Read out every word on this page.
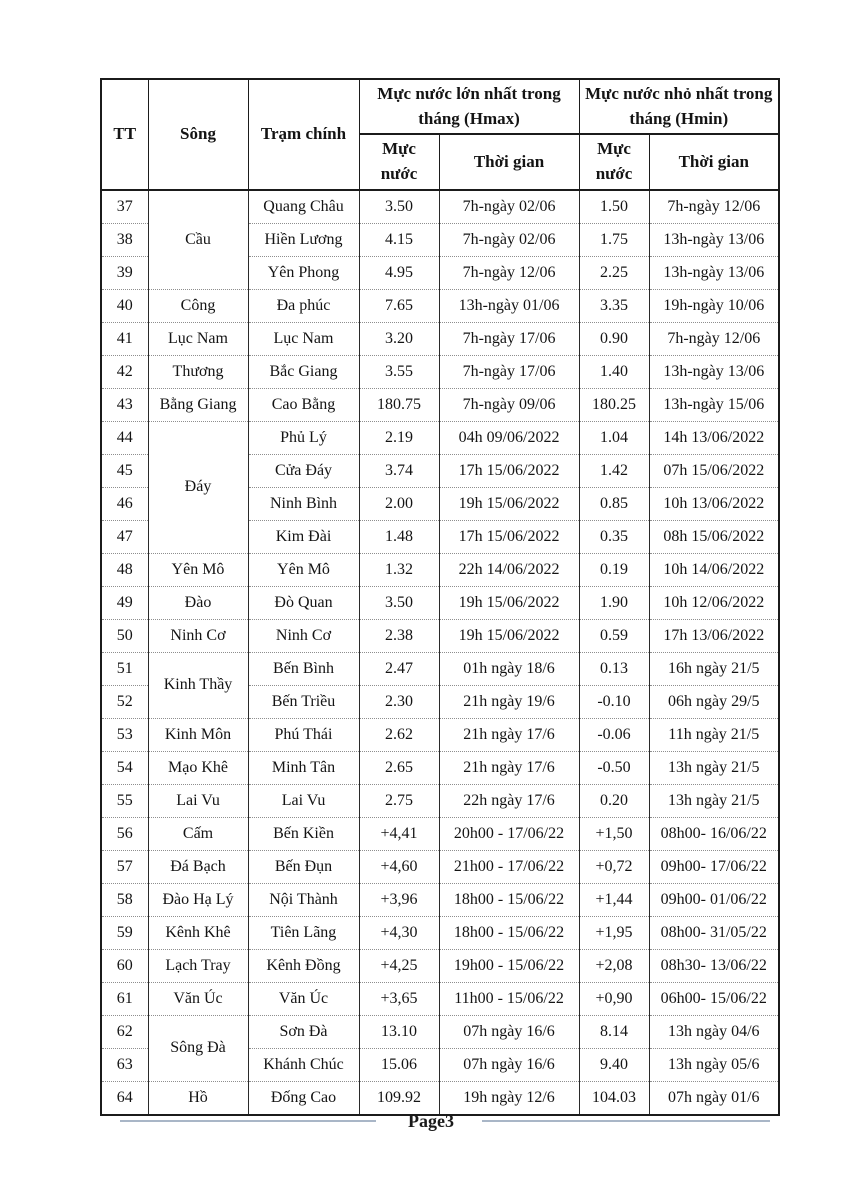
TT	Sông	Trạm chính	Mực nước lớn nhất trong tháng (Hmax)		Mực nước nhỏ nhất trong tháng (Hmin)	
			Mực nước	Thời gian	Mực nước	Thời gian
37	Cầu	Quang Châu	3.50	7h-ngày 02/06	1.50	7h-ngày 12/06
38		Hiền Lương	4.15	7h-ngày 02/06	1.75	13h-ngày 13/06
39		Yên Phong	4.95	7h-ngày 12/06	2.25	13h-ngày 13/06
40	Công	Đa phúc	7.65	13h-ngày 01/06	3.35	19h-ngày 10/06
41	Lục Nam	Lục Nam	3.20	7h-ngày 17/06	0.90	7h-ngày 12/06
42	Thương	Bắc Giang	3.55	7h-ngày 17/06	1.40	13h-ngày 13/06
43	Bằng Giang	Cao Bằng	180.75	7h-ngày 09/06	180.25	13h-ngày 15/06
44	Đáy	Phủ Lý	2.19	04h 09/06/2022	1.04	14h 13/06/2022
45		Cửa Đáy	3.74	17h 15/06/2022	1.42	07h 15/06/2022
46		Ninh Bình	2.00	19h 15/06/2022	0.85	10h 13/06/2022
47		Kim Đài	1.48	17h 15/06/2022	0.35	08h 15/06/2022
48	Yên Mô	Yên Mô	1.32	22h 14/06/2022	0.19	10h 14/06/2022
49	Đào	Đò Quan	3.50	19h 15/06/2022	1.90	10h 12/06/2022
50	Ninh Cơ	Ninh Cơ	2.38	19h 15/06/2022	0.59	17h 13/06/2022
51	Kinh Thầy	Bến Bình	2.47	01h ngày 18/6	0.13	16h ngày 21/5
52		Bến Triều	2.30	21h ngày 19/6	-0.10	06h ngày 29/5
53	Kinh Môn	Phú Thái	2.62	21h ngày 17/6	-0.06	11h ngày 21/5
54	Mạo Khê	Minh Tân	2.65	21h ngày 17/6	-0.50	13h ngày 21/5
55	Lai Vu	Lai Vu	2.75	22h ngày 17/6	0.20	13h ngày 21/5
56	Cấm	Bến Kiền	+4,41	20h00 - 17/06/22	+1,50	08h00- 16/06/22
57	Đá Bạch	Bến Đụn	+4,60	21h00 - 17/06/22	+0,72	09h00- 17/06/22
58	Đào Hạ Lý	Nội Thành	+3,96	18h00 - 15/06/22	+1,44	09h00- 01/06/22
59	Kênh Khê	Tiên Lãng	+4,30	18h00 - 15/06/22	+1,95	08h00- 31/05/22
60	Lạch Tray	Kênh Đồng	+4,25	19h00 - 15/06/22	+2,08	08h30- 13/06/22
61	Văn Úc	Văn Úc	+3,65	11h00 - 15/06/22	+0,90	06h00- 15/06/22
62	Sông Đà	Sơn Đà	13.10	07h ngày 16/6	8.14	13h ngày 04/6
63		Khánh Chúc	15.06	07h ngày 16/6	9.40	13h ngày 05/6
64	Hồ	Đống Cao	109.92	19h ngày 12/6	104.03	07h ngày 01/6
Page3
